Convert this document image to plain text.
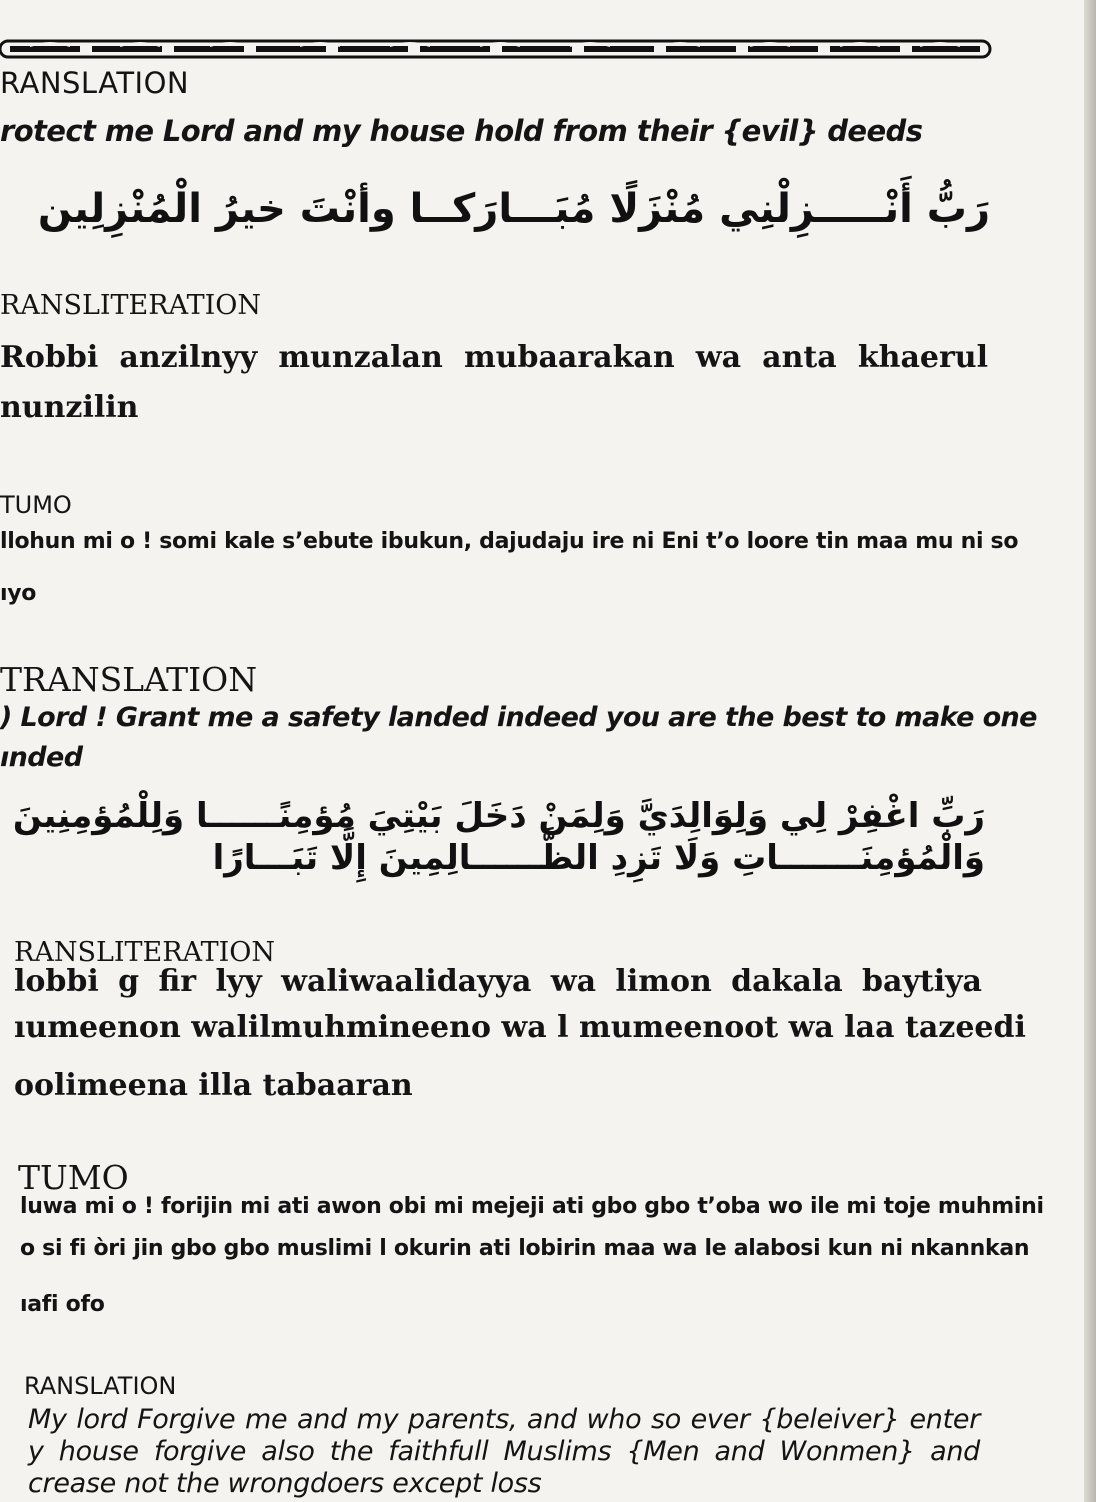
RANSLATION
rotect me Lord and my house hold from their {evil} deeds
رَبُّ أَنْـــــزِلْنِي مُنْزَلًا مُبَـــارَكــا وأنْتَ خيرُ الْمُنْزِلِين
RANSLITERATION
Robbi anzilnyy munzalan mubaarakan wa anta khaerul
nunzilin
TUMO
llohun mi o ! somi kale s’ebute ibukun, dajudaju ire ni Eni t’o loore tin maa mu ni so
ıyo
TRANSLATION
) Lord ! Grant me a safety landed indeed you are the best to make one
ınded
رَبِّ اغْفِرْ لِي وَلِوَالِدَيَّ وَلِمَنْ دَخَلَ بَيْتِيَ مُؤمِنًــــــا وَلِلْمُؤمِنِينَ
وَالْمُؤمِنَـــــــاتِ وَلَا تَزِدِ الظَّــــــالِمِينَ إِلَّا تَبَـــارًا
RANSLITERATION
lobbi g fir lyy waliwaalidayya wa limon dakala baytiya
ıumeenon walilmuhmineeno wa l mumeenoot wa laa tazeedi
oolimeena illa tabaaran
TUMO
luwa mi o ! forijin mi ati awon obi mi mejeji ati gbo gbo t’oba wo ile mi toje muhmini
o si fi òri jin gbo gbo muslimi l okurin ati lobirin maa wa le alabosi kun ni nkannkan
ıafi ofo
RANSLATION
My lord Forgive me and my parents, and who so ever {beleiver} enter
y house forgive also the faithfull Muslims {Men and Wonmen} and
crease not the wrongdoers except loss
